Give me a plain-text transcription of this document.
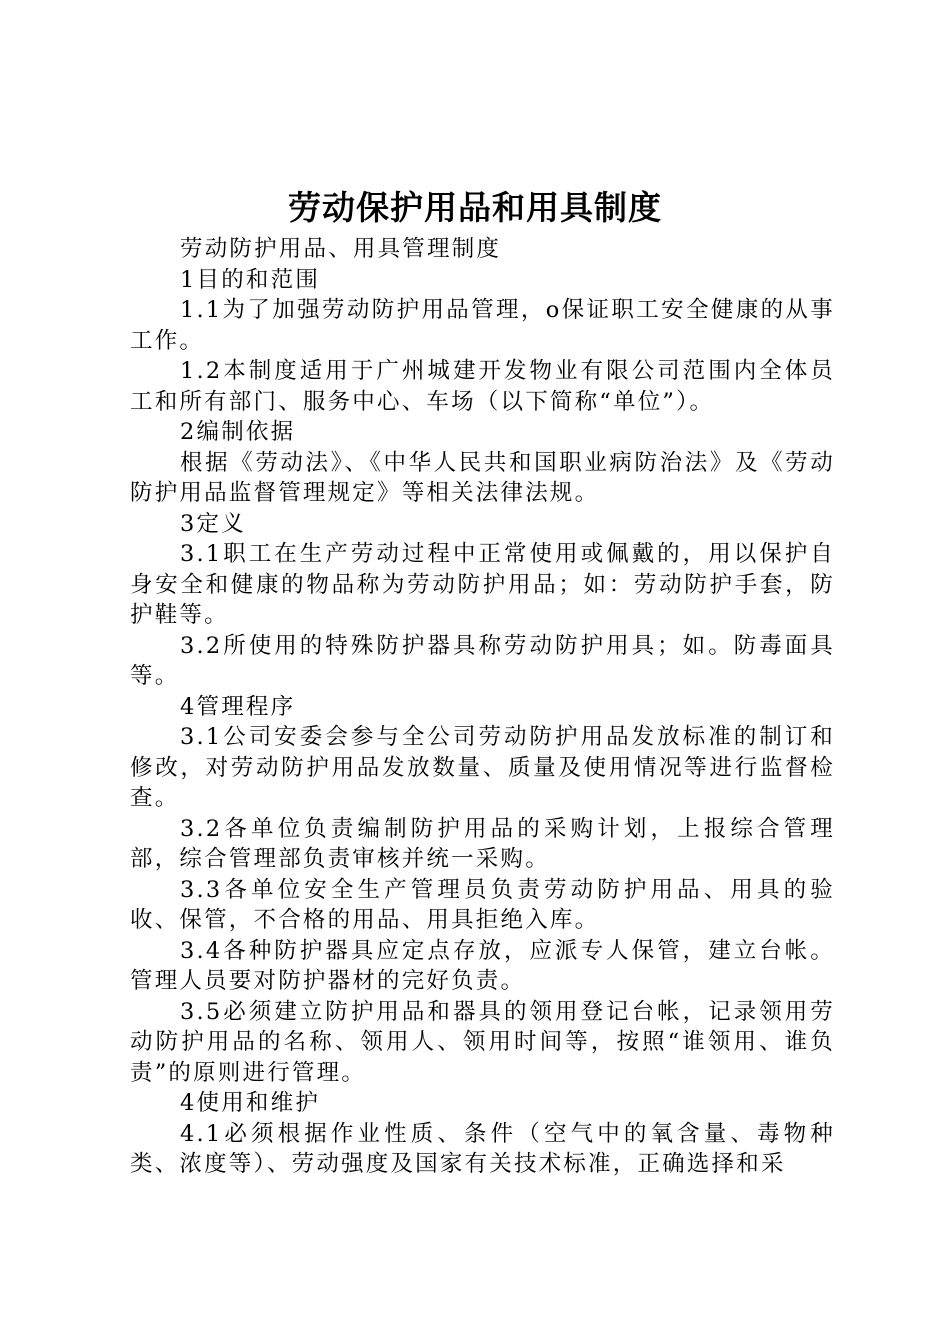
劳动保护用品和用具制度

劳动防护用品、用具管理制度

1目的和范围

1.1为了加强劳动防护用品管理，o保证职工安全健康的从事工作。

1.2本制度适用于广州城建开发物业有限公司范围内全体员工和所有部门、服务中心、车场（以下简称“单位”）。

2编制依据

根据《劳动法》、《中华人民共和国职业病防治法》及《劳动防护用品监督管理规定》等相关法律法规。

3定义

3.1职工在生产劳动过程中正常使用或佩戴的，用以保护自身安全和健康的物品称为劳动防护用品；如：劳动防护手套，防护鞋等。

3.2所使用的特殊防护器具称劳动防护用具；如。防毒面具等。

4管理程序

3.1公司安委会参与全公司劳动防护用品发放标准的制订和修改，对劳动防护用品发放数量、质量及使用情况等进行监督检查。

3.2各单位负责编制防护用品的采购计划，上报综合管理部，综合管理部负责审核并统一采购。

3.3各单位安全生产管理员负责劳动防护用品、用具的验收、保管，不合格的用品、用具拒绝入库。

3.4各种防护器具应定点存放，应派专人保管，建立台帐。管理人员要对防护器材的完好负责。

3.5必须建立防护用品和器具的领用登记台帐，记录领用劳动防护用品的名称、领用人、领用时间等，按照“谁领用、谁负责”的原则进行管理。

4使用和维护

4.1必须根据作业性质、条件（空气中的氧含量、毒物种类、浓度等）、劳动强度及国家有关技术标准，正确选择和采
